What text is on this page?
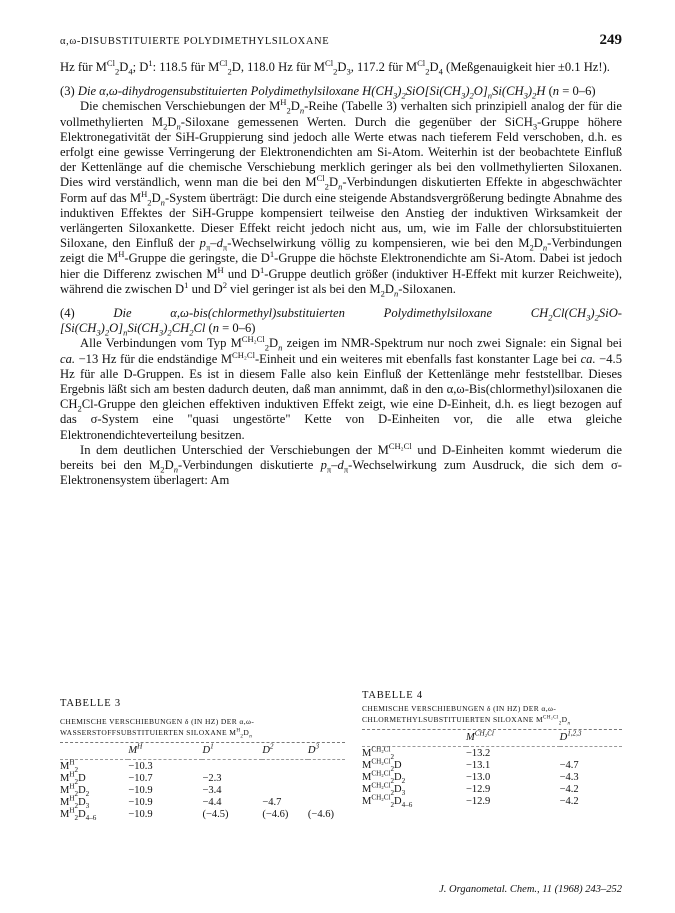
α,ω-DISUBSTITUIERTE POLYDIMETHYLSILOXANE	249

Hz für $M^{Cl}_2D_4$; $D^1$: 118.5 für $M^{Cl}_2D$, 118.0 Hz für $M^{Cl}_2D_3$, 117.2 für $M^{Cl}_2D_4$ (Meßgenauigkeit hier ±0.1 Hz!).

(3) Die α,ω-dihydrogensubstituierten Polydimethylsiloxane $H(CH_3)_2SiO[Si(CH_3)_2O]_nSi(CH_3)_2H$ (n = 0–6)

Die chemischen Verschiebungen der $M^H_2D_n$-Reihe (Tabelle 3) verhalten sich prinzipiell analog der für die vollmethylierten $M_2D_n$-Siloxane gemessenen Werten. Durch die gegenüber der SiCH$_3$-Gruppe höhere Elektronegativität der SiH-Gruppierung sind jedoch alle Werte etwas nach tieferem Feld verschoben, d.h. es erfolgt eine gewisse Verringerung der Elektronendichten am Si-Atom. Weiterhin ist der beobachtete Einfluß der Kettenlänge auf die chemische Verschiebung merklich geringer als bei den vollmethylierten Siloxanen. Dies wird verständlich, wenn man die bei den $M^{Cl}_2D_n$-Verbindungen diskutierten Effekte in abgeschwächter Form auf das $M^H_2D_n$-System überträgt: Die durch eine steigende Abstandsvergrößerung bedingte Abnahme des induktiven Effektes der SiH-Gruppe kompensiert teilweise den Anstieg der induktiven Wirksamkeit der verlängerten Siloxankette. Dieser Effekt reicht jedoch nicht aus, um, wie im Falle der chlorsubstituierten Siloxane, den Einfluß der $p_\pi-d_\pi$-Wechselwirkung völlig zu kompensieren, wie bei den $M_2D_n$-Verbindungen zeigt die $M^H$-Gruppe die geringste, die $D^1$-Gruppe die höchste Elektronendichte am Si-Atom. Dabei ist jedoch hier die Differenz zwischen $M^H$ und $D^1$-Gruppe deutlich größer (induktiver H-Effekt mit kurzer Reichweite), während die zwischen $D^1$ und $D^2$ viel geringer ist als bei den $M_2D_n$-Siloxanen.

(4) Die α,ω-bis(chlormethyl)substituierten Polydimethylsiloxane $CH_2Cl(CH_3)_2SiO-[Si(CH_3)_2O]_nSi(CH_3)_2CH_2Cl$ (n = 0–6)

Alle Verbindungen vom Typ $M^{CH_2Cl}_2D_n$ zeigen im NMR-Spektrum nur noch zwei Signale: ein Signal bei ca. −13 Hz für die endständige $M^{CH_2Cl}$-Einheit und ein weiteres mit ebenfalls fast konstanter Lage bei ca. −4.5 Hz für alle D-Gruppen. Es ist in diesem Falle also kein Einfluß der Kettenlänge mehr feststellbar. Dieses Ergebnis läßt sich am besten dadurch deuten, daß man annimmt, daß in den α,ω-Bis(chlormethyl)siloxanen die $CH_2Cl$-Gruppe den gleichen effektiven induktiven Effekt zeigt, wie eine D-Einheit, d.h. es liegt bezogen auf das σ-System eine "quasi ungestörte" Kette von D-Einheiten vor, die alle etwa gleiche Elektronendichteverteilung besitzen.

In dem deutlichen Unterschied der Verschiebungen der $M^{CH_2Cl}$ und D-Einheiten kommt wiederum die bereits bei den $M_2D_n$-Verbindungen diskutierte $p_\pi-d_\pi$-Wechselwirkung zum Ausdruck, die sich dem σ-Elektronensystem überlagert: Am

TABELLE 3
CHEMISCHE VERSCHIEBUNGEN δ (IN HZ) DER α,ω-WASSERSTOFFSUBSTITUIERTEN SILOXANE $M^H_2D_n$
	$M^H$	$D^1$	$D^2$	$D^3$
$M^H_2$	−10.3			
$M^H_2D$	−10.7	−2.3		
$M^H_2D_2$	−10.9	−3.4		
$M^H_2D_3$	−10.9	−4.4	−4.7	
$M^H_2D_{4-6}$	−10.9	(−4.5)	(−4.6)	(−4.6)
TABELLE 4
CHEMISCHE VERSCHIEBUNGEN δ (IN HZ) DER α,ω-CHLORMETHYLSUBSTITUIERTEN SILOXANE $M^{CH_2Cl}_2D_n$
	$M^{CH_2Cl}$	D$^{1,2,3}$
$M^{CH_2Cl}_2$	−13.2	
$M^{CH_2Cl}_2D$	−13.1	−4.7
$M^{CH_2Cl}_2D_2$	−13.0	−4.3
$M^{CH_2Cl}_2D_3$	−12.9	−4.2
$M^{CH_2Cl}_2D_{4-6}$	−12.9	−4.2
J. Organometal. Chem., 11 (1968) 243–252
